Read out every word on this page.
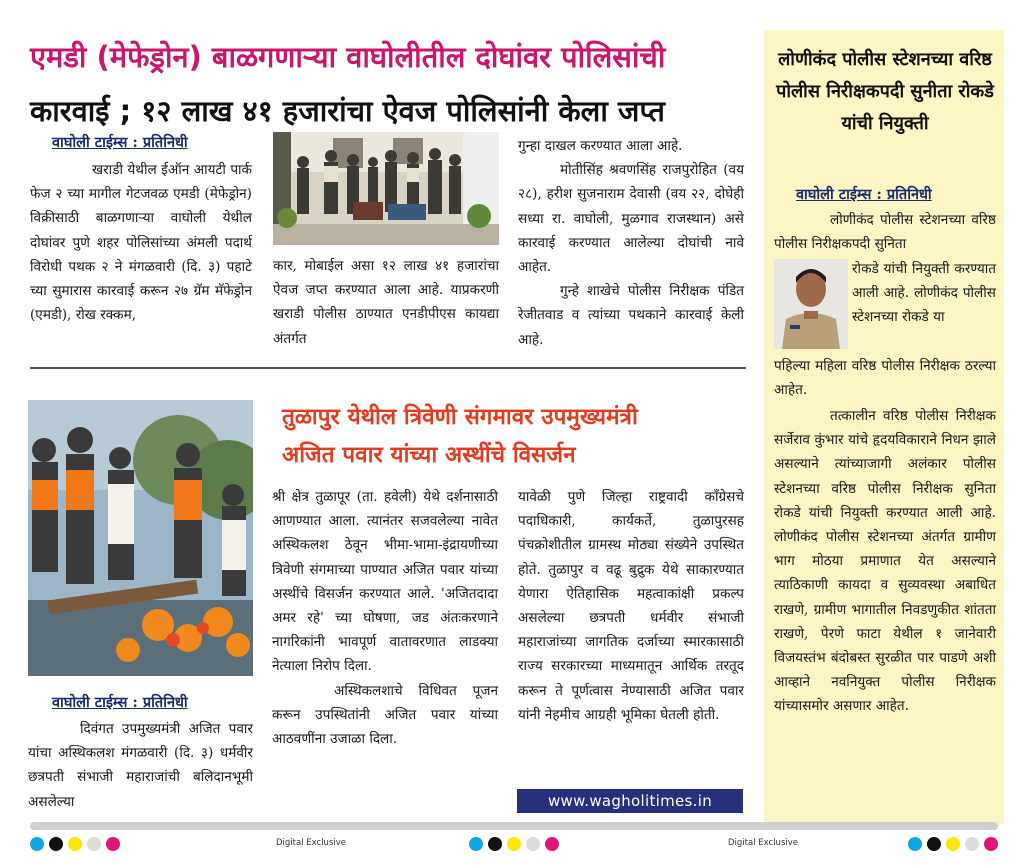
एमडी (मेफेड्रोन) बाळगणाऱ्या वाघोलीतील दोघांवर पोलिसांची
कारवाई ; १२ लाख ४१ हजारांचा ऐवज पोलिसांनी केला जप्त
वाघोली टाईम्स : प्रतिनिधी
खराडी येथील ईऑन आयटी पार्क फेज २ च्या मागील गेटजवळ एमडी (मेफेड्रोन) विक्रीसाठी बाळगणाऱ्या वाघोली येथील दोघांवर पुणे शहर पोलिसांच्या अंमली पदार्थ विरोधी पथक २ ने मंगळवारी (दि. ३) पहाटे च्या सुमारास कारवाई करून २७ ग्रॅम मॅफेड्रोन (एमडी), रोख रक्कम,
कार, मोबाईल असा १२ लाख ४१ हजारांचा ऐवज जप्त करण्यात आला आहे. याप्रकरणी खराडी पोलीस ठाण्यात एनडीपीएस कायद्या अंतर्गत

गुन्हा दाखल करण्यात आला आहे.

मोतीसिंह श्रवणसिंह राजपुरोहित (वय २८), हरीश सुजनाराम देवासी (वय २२, दोघेही सध्या रा. वाघोली, मुळगाव राजस्थान) असे कारवाई करण्यात आलेल्या दोघांची नावे आहेत.

गुन्हे शाखेचे पोलीस निरीक्षक पंडित रेजीतवाड व त्यांच्या पथकाने कारवाई केली आहे.

तुळापुर येथील त्रिवेणी संगमावर उपमुख्यमंत्री
अजित पवार यांच्या अस्थींचे विसर्जन
वाघोली टाईम्स : प्रतिनिधी
दिवंगत उपमुख्यमंत्री अजित पवार यांचा अस्थिकलश मंगळवारी (दि. ३) धर्मवीर छत्रपती संभाजी महाराजांची बलिदानभूमी असलेल्या

श्री क्षेत्र तुळापूर (ता. हवेली) येथे दर्शनासाठी आणण्यात आला. त्यानंतर सजवलेल्या नावेत अस्थिकलश ठेवून भीमा-भामा-इंद्रायणीच्या त्रिवेणी संगमाच्या पाण्यात अजित पवार यांच्या अस्थींचे विसर्जन करण्यात आले. 'अजितदादा अमर रहे' च्या घोषणा, जड अंतःकरणाने नागरिकांनी भावपूर्ण वातावरणात लाडक्या नेत्याला निरोप दिला.

अस्थिकलशाचे विधिवत पूजन करून उपस्थितांनी अजित पवार यांच्या आठवणींना उजाळा दिला.

यावेळी पुणे जिल्हा राष्ट्रवादी काँग्रेसचे पदाधिकारी, कार्यकर्ते, तुळापुरसह पंचक्रोशीतील ग्रामस्थ मोठ्या संख्येने उपस्थित होते. तुळापुर व वढू बुद्रुक येथे साकारण्यात येणारा ऐतिहासिक महत्वाकांक्षी प्रकल्प असलेल्या छत्रपती धर्मवीर संभाजी महाराजांच्या जागतिक दर्जाच्या स्मारकासाठी राज्य सरकारच्या माध्यमातून आर्थिक तरतूद करून ते पूर्णत्वास नेण्यासाठी अजित पवार यांनी नेहमीच आग्रही भूमिका घेतली होती.
www.wagholitimes.in
लोणीकंद पोलीस स्टेशनच्या वरिष्ठ पोलीस निरीक्षकपदी सुनीता रोकडे यांची नियुक्ती
वाघोली टाईम्स : प्रतिनिधी
लोणीकंद पोलीस स्टेशनच्या वरिष्ठ पोलीस निरीक्षकपदी सुनिता
रोकडे यांची नियुक्ती करण्यात आली आहे. लोणीकंद पोलीस स्टेशनच्या रोकडे या
पहिल्या महिला वरिष्ठ पोलीस निरीक्षक ठरल्या आहेत.
तत्कालीन वरिष्ठ पोलीस निरीक्षक सर्जेराव कुंभार यांचे हृदयविकाराने निधन झाले असल्याने त्यांच्याजागी अलंकार पोलीस स्टेशनच्या वरिष्ठ पोलीस निरीक्षक सुनिता रोकडे यांची नियुक्ती करण्यात आली आहे. लोणीकंद पोलीस स्टेशनच्या अंतर्गत ग्रामीण भाग मोठया प्रमाणात येत असल्याने त्याठिकाणी कायदा व सुव्यवस्था अबाधित राखणे, ग्रामीण भागातील निवडणुकीत शांतता राखणे, पेरणे फाटा येथील १ जानेवारी विजयस्तंभ बंदोबस्त सुरळीत पार पाडणे अशी आव्हाने नवनियुक्त पोलीस निरीक्षक यांच्यासमोर असणार आहेत.
Digital Exclusive	Digital Exclusive
